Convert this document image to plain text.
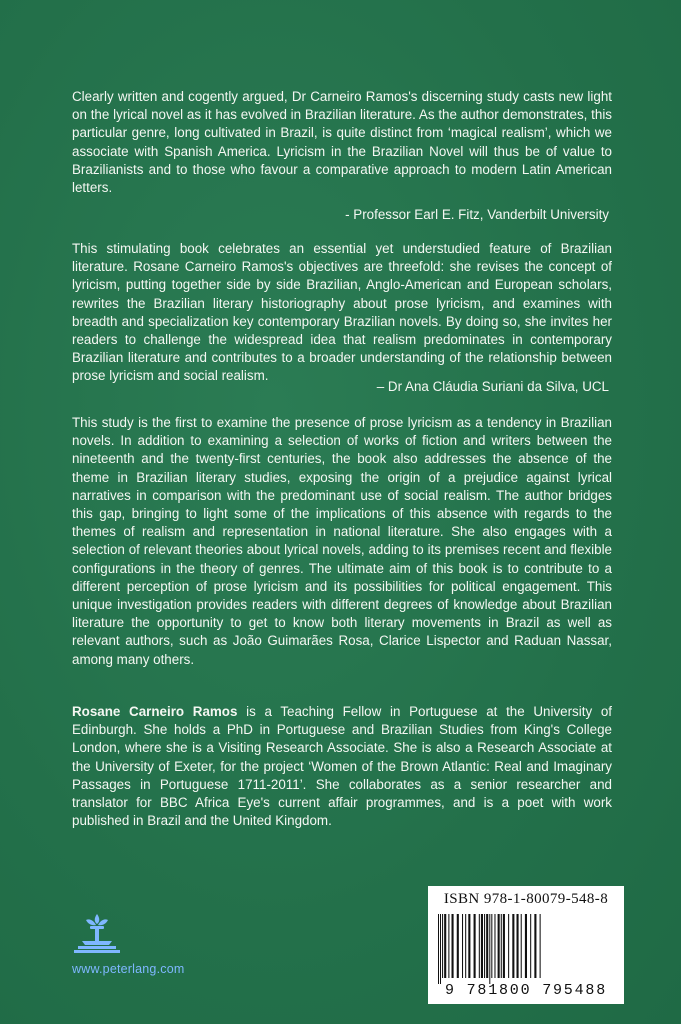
Clearly written and cogently argued, Dr Carneiro Ramos's discerning study casts new light on the lyrical novel as it has evolved in Brazilian literature. As the author demonstrates, this particular genre, long cultivated in Brazil, is quite distinct from ‘magical realism’, which we associate with Spanish America. Lyricism in the Brazilian Novel will thus be of value to Brazilianists and to those who favour a comparative approach to modern Latin American letters.

- Professor Earl E. Fitz, Vanderbilt University

This stimulating book celebrates an essential yet understudied feature of Brazilian literature. Rosane Carneiro Ramos's objectives are threefold: she revises the concept of lyricism, putting together side by side Brazilian, Anglo-American and European scholars, rewrites the Brazilian literary historiography about prose lyricism, and examines with breadth and specialization key contemporary Brazilian novels. By doing so, she invites her readers to challenge the widespread idea that realism predominates in contemporary Brazilian literature and contributes to a broader understanding of the relationship between prose lyricism and social realism.

– Dr Ana Cláudia Suriani da Silva, UCL

This study is the first to examine the presence of prose lyricism as a tendency in Brazilian novels. In addition to examining a selection of works of fiction and writers between the nineteenth and the twenty-first centuries, the book also addresses the absence of the theme in Brazilian literary studies, exposing the origin of a prejudice against lyrical narratives in comparison with the predominant use of social realism. The author bridges this gap, bringing to light some of the implications of this absence with regards to the themes of realism and representation in national literature. She also engages with a selection of relevant theories about lyrical novels, adding to its premises recent and flexible configurations in the theory of genres. The ultimate aim of this book is to contribute to a different perception of prose lyricism and its possibilities for political engagement. This unique investigation provides readers with different degrees of knowledge about Brazilian literature the opportunity to get to know both literary movements in Brazil as well as relevant authors, such as João Guimarães Rosa, Clarice Lispector and Raduan Nassar, among many others.

Rosane Carneiro Ramos is a Teaching Fellow in Portuguese at the University of Edinburgh. She holds a PhD in Portuguese and Brazilian Studies from King's College London, where she is a Visiting Research Associate. She is also a Research Associate at the University of Exeter, for the project ‘Women of the Brown Atlantic: Real and Imaginary Passages in Portuguese 1711-2011’. She collaborates as a senior researcher and translator for BBC Africa Eye's current affair programmes, and is a poet with work published in Brazil and the United Kingdom.

www.peterlang.com
ISBN 978-1-80079-548-8
9 781800 795488
